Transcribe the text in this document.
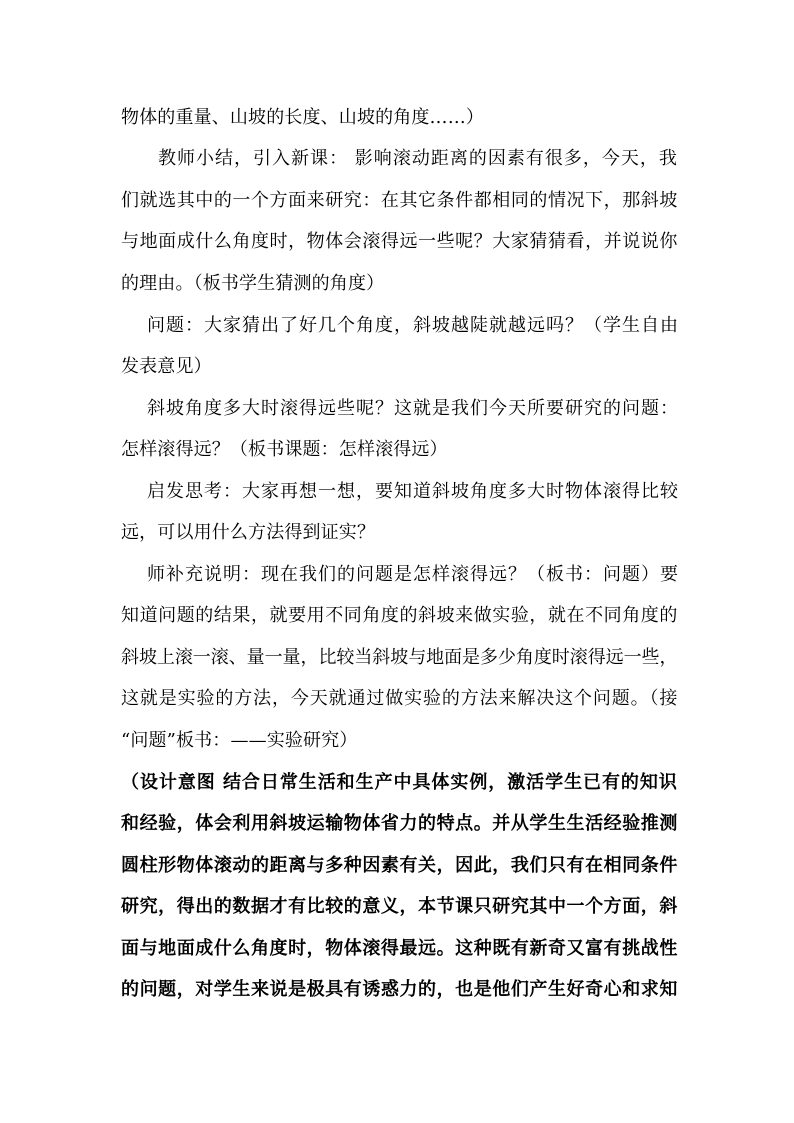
物体的重量、山坡的长度、山坡的角度……）
教师小结，引入新课： 影响滚动距离的因素有很多，今天，我
们就选其中的一个方面来研究：在其它条件都相同的情况下，那斜坡
与地面成什么角度时，物体会滚得远一些呢？大家猜猜看，并说说你
的理由。（板书学生猜测的角度）
问题：大家猜出了好几个角度，斜坡越陡就越远吗？（学生自由
发表意见）
斜坡角度多大时滚得远些呢？这就是我们今天所要研究的问题：
怎样滚得远？（板书课题：怎样滚得远）
启发思考：大家再想一想，要知道斜坡角度多大时物体滚得比较
远，可以用什么方法得到证实？
师补充说明：现在我们的问题是怎样滚得远？（板书：问题）要
知道问题的结果，就要用不同角度的斜坡来做实验，就在不同角度的
斜坡上滚一滚、量一量，比较当斜坡与地面是多少角度时滚得远一些，
这就是实验的方法，今天就通过做实验的方法来解决这个问题。（接
“问题”板书：——实验研究）
（设计意图 结合日常生活和生产中具体实例，激活学生已有的知识
和经验，体会利用斜坡运输物体省力的特点。并从学生生活经验推测
圆柱形物体滚动的距离与多种因素有关，因此，我们只有在相同条件
研究，得出的数据才有比较的意义，本节课只研究其中一个方面，斜
面与地面成什么角度时，物体滚得最远。这种既有新奇又富有挑战性
的问题，对学生来说是极具有诱惑力的，也是他们产生好奇心和求知
